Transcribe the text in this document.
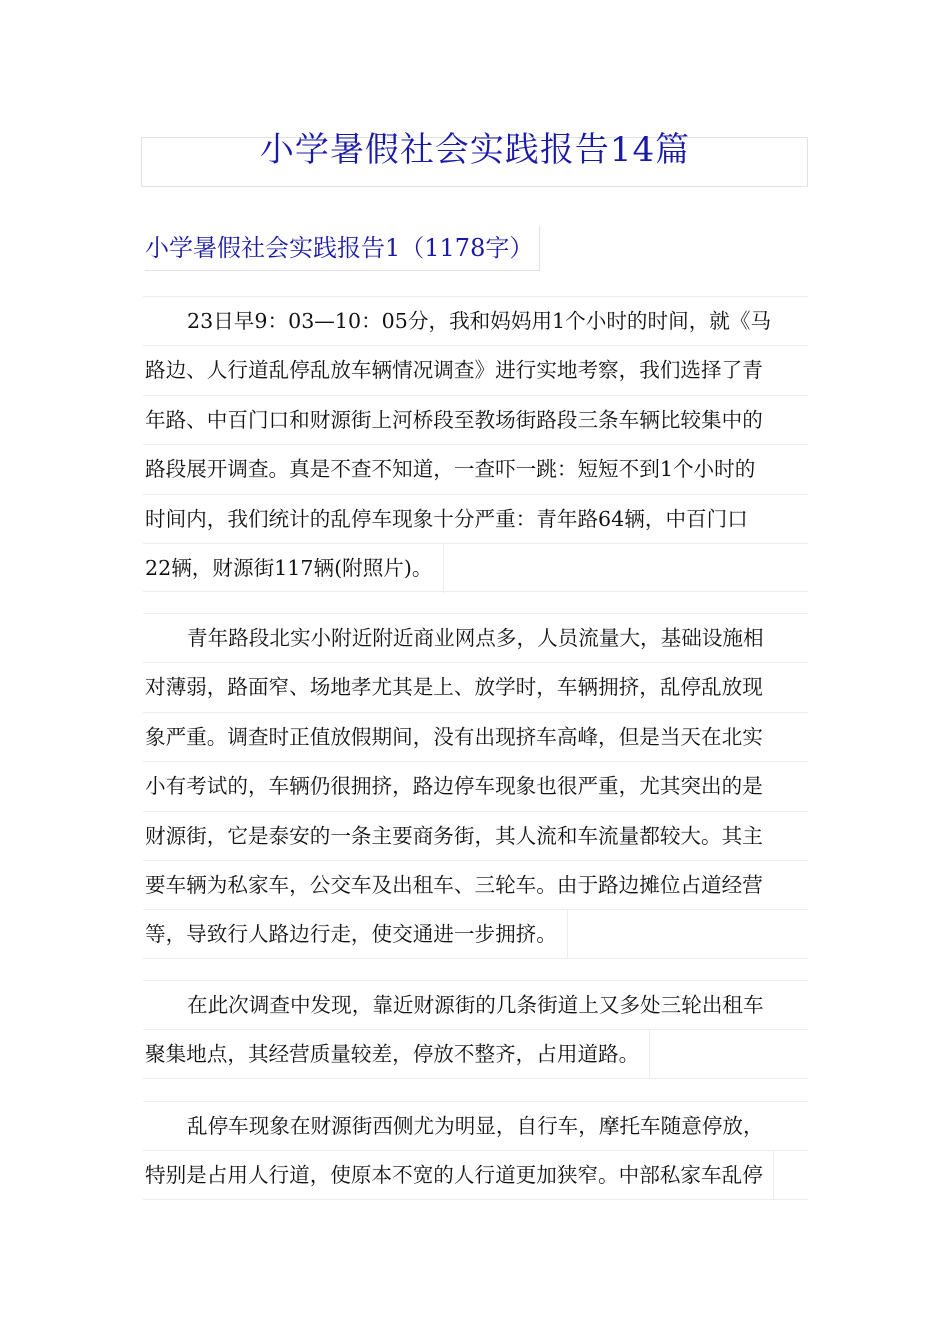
小学暑假社会实践报告14篇
小学暑假社会实践报告1（1178字）
23日早9：03—10：05分，我和妈妈用1个小时的时间，就《马
路边、人行道乱停乱放车辆情况调查》进行实地考察，我们选择了青
年路、中百门口和财源街上河桥段至教场街路段三条车辆比较集中的
路段展开调查。真是不查不知道，一查吓一跳：短短不到1个小时的
时间内，我们统计的乱停车现象十分严重：青年路64辆，中百门口
22辆，财源街117辆(附照片)。
青年路段北实小附近附近商业网点多，人员流量大，基础设施相
对薄弱，路面窄、场地孝尤其是上、放学时，车辆拥挤，乱停乱放现
象严重。调查时正值放假期间，没有出现挤车高峰，但是当天在北实
小有考试的，车辆仍很拥挤，路边停车现象也很严重，尤其突出的是
财源街，它是泰安的一条主要商务街，其人流和车流量都较大。其主
要车辆为私家车，公交车及出租车、三轮车。由于路边摊位占道经营
等，导致行人路边行走，使交通进一步拥挤。
在此次调查中发现，靠近财源街的几条街道上又多处三轮出租车
聚集地点，其经营质量较差，停放不整齐，占用道路。
乱停车现象在财源街西侧尤为明显，自行车，摩托车随意停放，
特别是占用人行道，使原本不宽的人行道更加狭窄。中部私家车乱停
